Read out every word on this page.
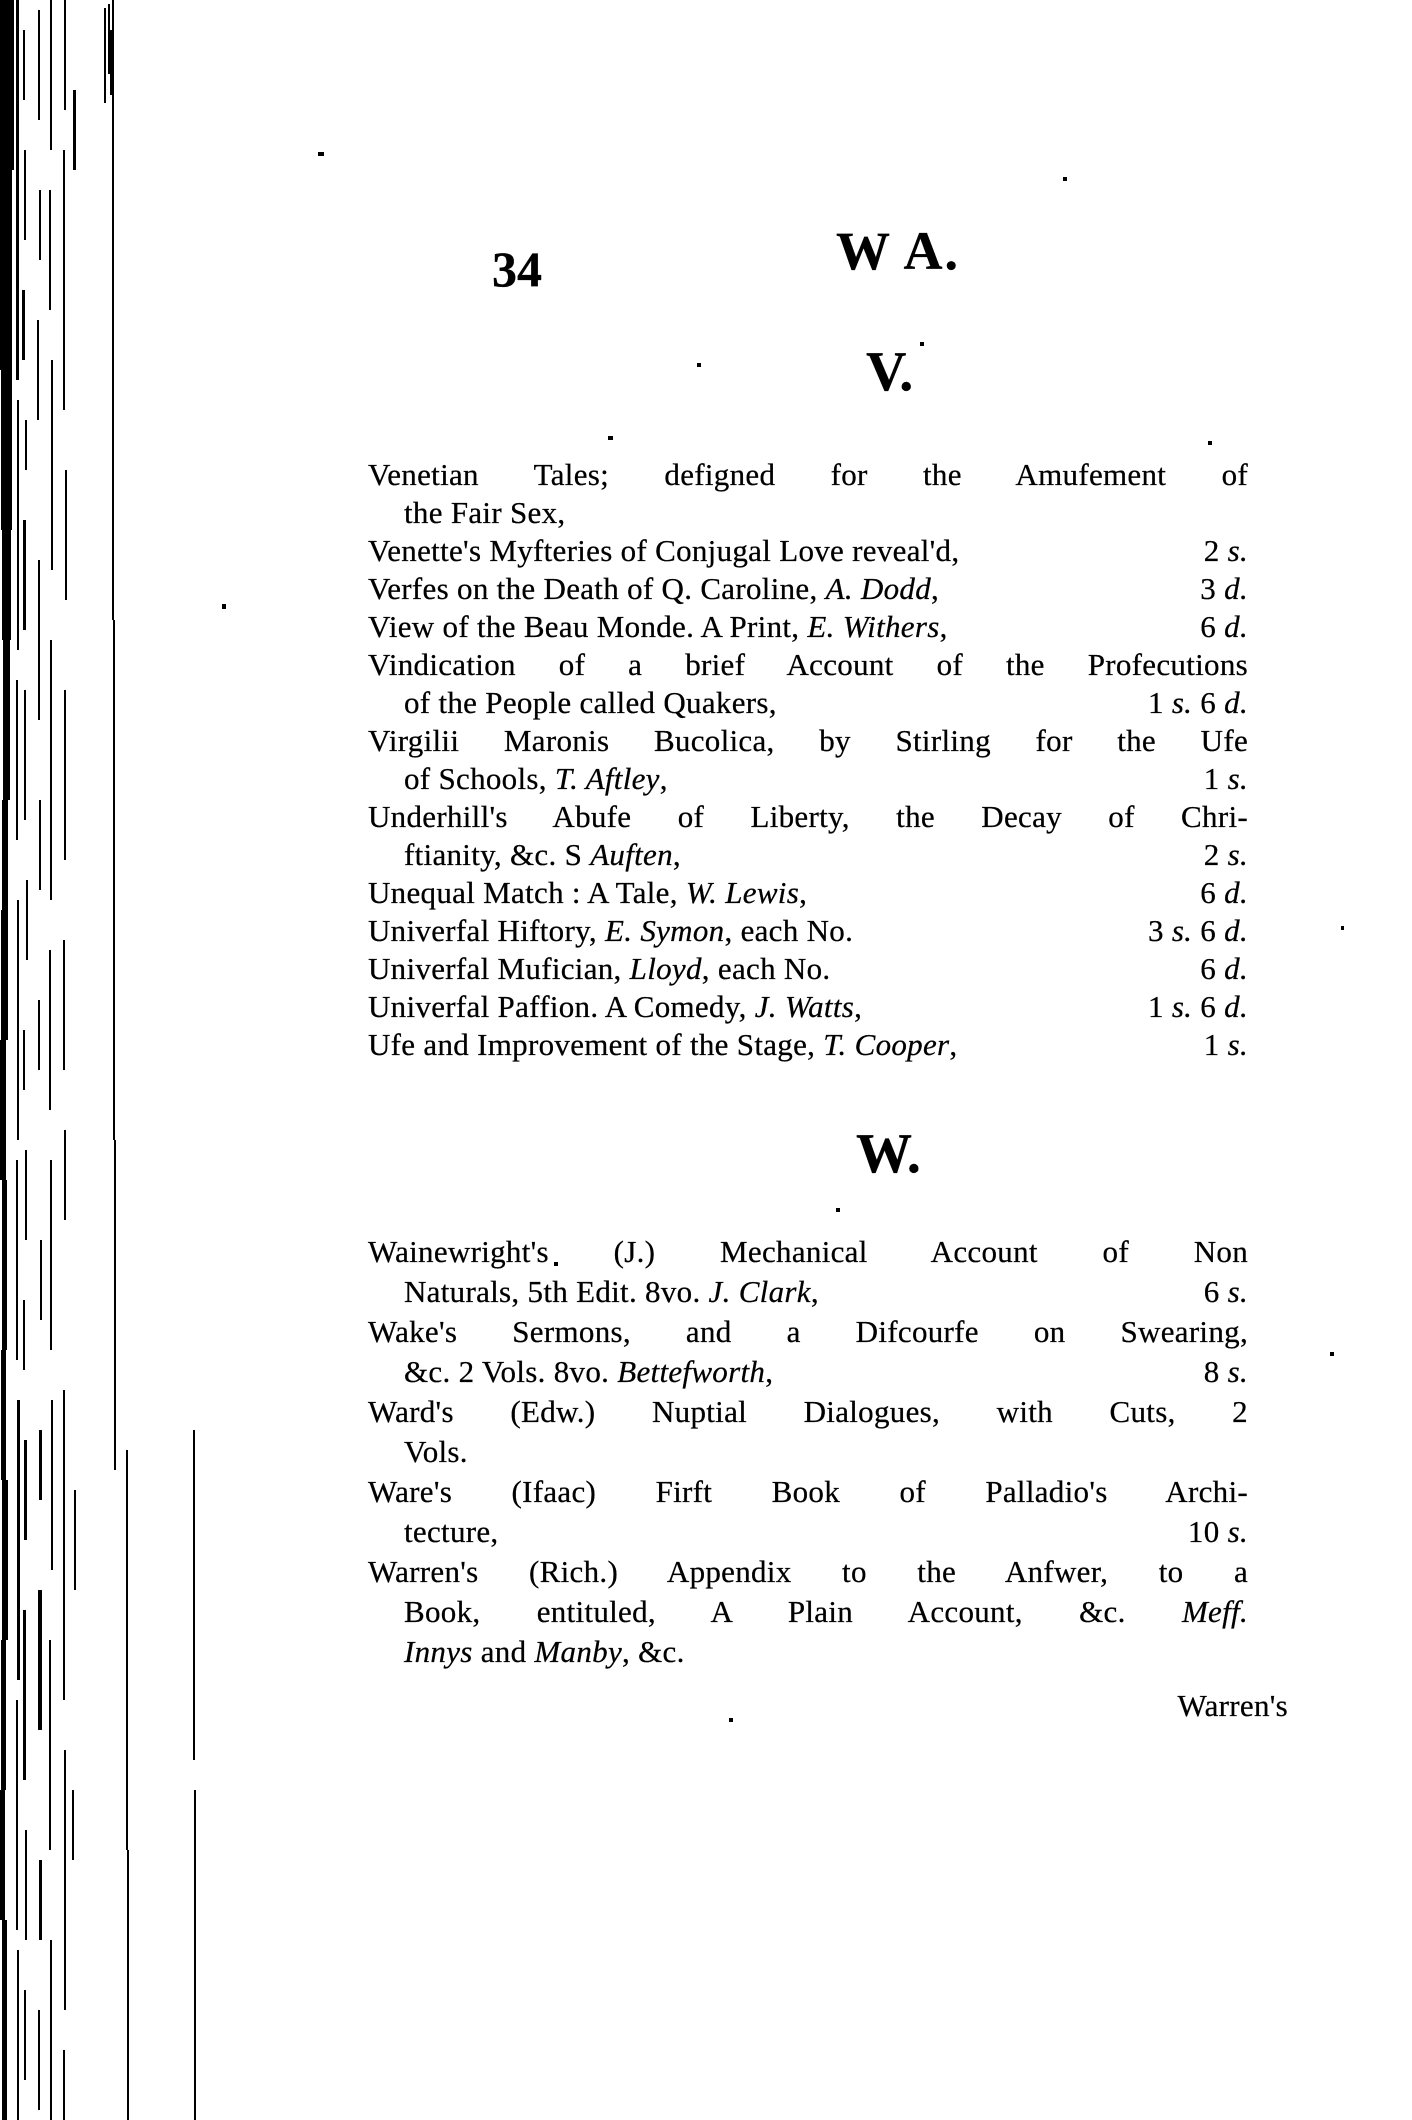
34	W A.
V.
Venetian Tales; defigned for the Amufement of
the Fair Sex,
Venette's Myfteries of Conjugal Love reveal'd,	2 s.
Verfes on the Death of Q. Caroline, A. Dodd,	3 d.
View of the Beau Monde. A Print, E. Withers,	6 d.
Vindication of a brief Account of the Profecutions
of the People called Quakers,	1 s. 6 d.
Virgilii Maronis Bucolica, by Stirling for the Ufe
of Schools, T. Aftley,	1 s.
Underhill's Abufe of Liberty, the Decay of Chri-
ftianity, &c. S Auften,	2 s.
Unequal Match : A Tale, W. Lewis,	6 d.
Univerfal Hiftory, E. Symon, each No.	3 s. 6 d.
Univerfal Mufician, Lloyd, each No.	6 d.
Univerfal Paffion. A Comedy, J. Watts,	1 s. 6 d.
Ufe and Improvement of the Stage, T. Cooper,	1 s.
W.
Wainewright's (J.) Mechanical Account of Non
Naturals, 5th Edit. 8vo. J. Clark,	6 s.
Wake's Sermons, and a Difcourfe on Swearing,
&c. 2 Vols. 8vo. Bettefworth,	8 s.
Ward's (Edw.) Nuptial Dialogues, with Cuts, 2
Vols.
Ware's (Ifaac) Firft Book of Palladio's Archi-
tecture,	10 s.
Warren's (Rich.) Appendix to the Anfwer, to a
Book, entituled, A Plain Account, &c. Meff.
Innys and Manby, &c.
Warren's
